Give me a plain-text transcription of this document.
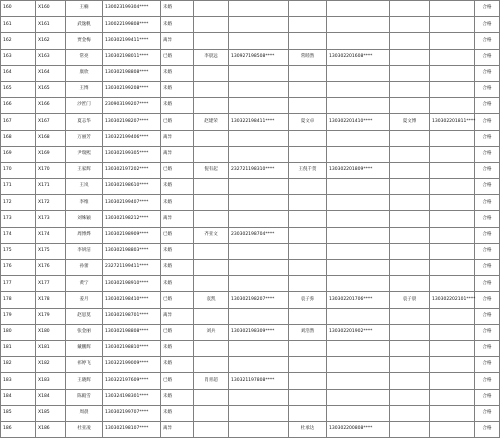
160	X160	王楠	130023199304****	未婚							合格
161	X161	武逸帆	130022199808****	未婚							合格
162	X162	贾金梅	130302199411****	离异							合格
163	X163	常亮	130302198011****	已婚	李晨远	130927198508****	常睦然	130302201608****			合格
164	X164	康欣	130302198808****	未婚							合格
165	X165	王博	130302199208****	未婚							合格
166	X166	沙匠门	230903199207****	未婚							合格
167	X167	夏志华	130302198207****	已婚	赵建荣	130322198411****	夏文卓	130302201410****	夏文博	130302201811****	合格
168	X168	万丽芳	130322199406****	离异							合格
169	X169	尹瑞熙	130302199305****	离异							合格
170	X170	王家辉	130302197202****	已婚	倪有起	232721198310****	王倪千贺	130302201809****			合格
171	X171	王岚	130302198610****	未婚							合格
172	X172	李维	130302199407****	未婚							合格
173	X173	刘姝颖	130302198212****	离异							合格
174	X174	周博烨	130302198909****	已婚	齐亚文	230302198704****					合格
175	X175	李妍洁	130302198803****	未婚							合格
176	X176	孙蕾	232721199411****	未婚							合格
177	X177	黄宁	130302198910****	未婚							合格
178	X178	姜月	130302198410****	已婚	袁凯	130302198207****	袁子弥	130302201706****	袁子晨	130302202101****	合格
179	X179	赵思莫	130302198701****	离异							合格
180	X180	张金丽	130302198808****	已婚	刘兵	130302198309****	刘浩然	130302201902****			合格
181	X181	戴鹏辉	130302198810****	未婚							合格
182	X182	祁婷飞	130322199009****	未婚							合格
183	X183	王晓辉	130322197609****	已婚	肖青超	130321197808****					合格
184	X184	陈殿雪	130324198301****	未婚							合格
185	X185	周晨	130302199707****	未婚							合格
186	X186	杜亚凌	130302198107****	离异			杜承达	130302200808****			合格
